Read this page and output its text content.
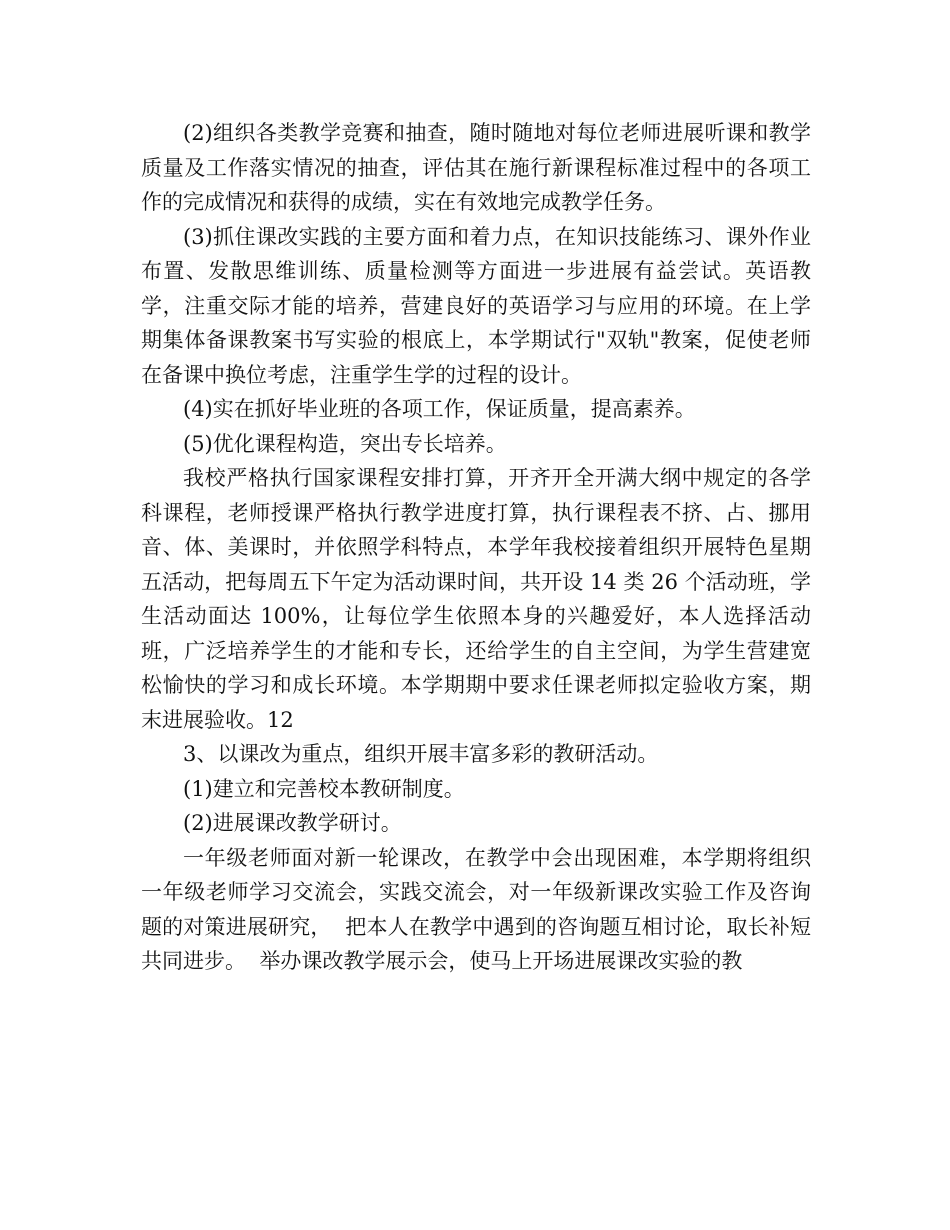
(2)组织各类教学竞赛和抽查，随时随地对每位老师进展听课和教学质量及工作落实情况的抽查，评估其在施行新课程标准过程中的各项工作的完成情况和获得的成绩，实在有效地完成教学任务。

(3)抓住课改实践的主要方面和着力点，在知识技能练习、课外作业布置、发散思维训练、质量检测等方面进一步进展有益尝试。英语教学，注重交际才能的培养，营建良好的英语学习与应用的环境。在上学期集体备课教案书写实验的根底上，本学期试行"双轨"教案，促使老师在备课中换位考虑，注重学生学的过程的设计。

(4)实在抓好毕业班的各项工作，保证质量，提高素养。

(5)优化课程构造，突出专长培养。

我校严格执行国家课程安排打算，开齐开全开满大纲中规定的各学科课程，老师授课严格执行教学进度打算，执行课程表不挤、占、挪用音、体、美课时，并依照学科特点，本学年我校接着组织开展特色星期五活动，把每周五下午定为活动课时间，共开设 14 类 26 个活动班，学生活动面达 100%，让每位学生依照本身的兴趣爱好，本人选择活动班，广泛培养学生的才能和专长，还给学生的自主空间，为学生营建宽松愉快的学习和成长环境。本学期期中要求任课老师拟定验收方案，期末进展验收。12

3、以课改为重点，组织开展丰富多彩的教研活动。

(1)建立和完善校本教研制度。

(2)进展课改教学研讨。

一年级老师面对新一轮课改，在教学中会出现困难，本学期将组织一年级老师学习交流会，实践交流会，对一年级新课改实验工作及咨询题的对策进展研究，  把本人在教学中遇到的咨询题互相讨论，取长补短共同进步。  举办课改教学展示会，使马上开场进展课改实验的教
